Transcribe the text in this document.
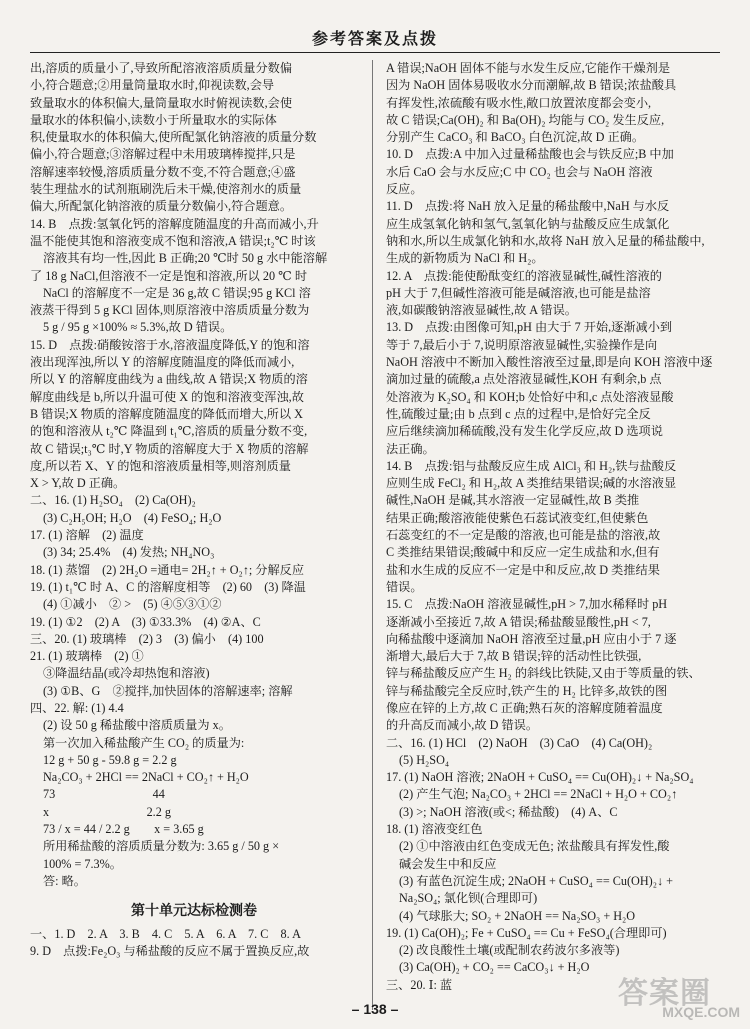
参考答案及点拨
出,溶质的质量小了,导致所配溶液溶质质量分数偏
小,符合题意;②用量筒量取水时,仰视读数,会导
致量取水的体积偏大,量筒量取水时俯视读数,会使
量取水的体积偏小,读数小于所量取水的实际体
积,使量取水的体积偏大,使所配氯化钠溶液的质量分数
偏小,符合题意;③溶解过程中未用玻璃棒搅拌,只是
溶解速率较慢,溶质质量分数不变,不符合题意;④盛
装生理盐水的试剂瓶刷洗后未干燥,使溶剂水的质量
偏大,所配氯化钠溶液的质量分数偏小,符合题意。
14. B　点拨:氢氧化钙的溶解度随温度的升高而减小,升
温不能使其饱和溶液变成不饱和溶液,A 错误;t₂℃ 时该
溶液其有均一性,因此 B 正确;20 ℃时 50 g 水中能溶解
了 18 g NaCl,但溶液不一定是饱和溶液,所以 20 ℃ 时
NaCl 的溶解度不一定是 36 g,故 C 错误;95 g KCl 溶
液蒸干得到 5 g KCl 固体,则原溶液中溶质质量分数为
5 g / 95 g ×100% ≈ 5.3%,故 D 错误。
15. D　点拨:硝酸铵溶于水,溶液温度降低,Y 的饱和溶
液出现浑浊,所以 Y 的溶解度随温度的降低而减小,
所以 Y 的溶解度曲线为 a 曲线,故 A 错误;X 物质的溶
解度曲线是 b,所以升温可使 X 的饱和溶液变浑浊,故
B 错误;X 物质的溶解度随温度的降低而增大,所以 X
的饱和溶液从 t₂℃ 降温到 t₁℃,溶质的质量分数不变,
故 C 错误;t₃℃ 时,Y 物质的溶解度大于 X 物质的溶解
度,所以若 X、Y 的饱和溶液质量相等,则溶剂质量
X > Y,故 D 正确。
二、16. (1) H₂SO₄　(2) Ca(OH)₂
(3) C₂H₅OH; H₂O　(4) FeSO₄; H₂O
17. (1) 溶解　(2) 温度
(3) 34; 25.4%　(4) 发热; NH₄NO₃
18. (1) 蒸馏　(2) 2H₂O =通电= 2H₂↑ + O₂↑; 分解反应
19. (1) t₁℃ 时 A、C 的溶解度相等　(2) 60　(3) 降温
(4) ①减小　② >　(5) ④⑤③①②
19. (1) ①2　(2) A　(3) ①33.3%　(4) ②A、C
三、20. (1) 玻璃棒　(2) 3　(3) 偏小　(4) 100
21. (1) 玻璃棒　(2) ①
③降温结晶(或冷却热饱和溶液)
(3) ①B、G　②搅拌,加快固体的溶解速率; 溶解
四、22. 解: (1) 4.4
(2) 设 50 g 稀盐酸中溶质质量为 x。
第一次加入稀盐酸产生 CO₂ 的质量为:
12 g + 50 g - 59.8 g = 2.2 g
Na₂CO₃ + 2HCl == 2NaCl + CO₂↑ + H₂O
73　　　　　　　　44
x　　　　　　　　2.2 g
73 / x = 44 / 2.2 g　　x = 3.65 g
所用稀盐酸的溶质质量分数为: 3.65 g / 50 g ×
100% = 7.3%。
答: 略。
第十单元达标检测卷
一、1. D　2. A　3. B　4. C　5. A　6. A　7. C　8. A
9. D　点拨:Fe₂O₃ 与稀盐酸的反应不属于置换反应,故
A 错误;NaOH 固体不能与水发生反应,它能作干燥剂是
因为 NaOH 固体易吸收水分而潮解,故 B 错误;浓盐酸具
有挥发性,浓硫酸有吸水性,敞口放置浓度都会变小,
故 C 错误;Ca(OH)₂ 和 Ba(OH)₂ 均能与 CO₂ 发生反应,
分别产生 CaCO₃ 和 BaCO₃ 白色沉淀,故 D 正确。
10. D　点拨:A 中加入过量稀盐酸也会与铁反应;B 中加
水后 CaO 会与水反应;C 中 CO₂ 也会与 NaOH 溶液
反应。
11. D　点拨:将 NaH 放入足量的稀盐酸中,NaH 与水反
应生成氢氧化钠和氢气,氢氧化钠与盐酸反应生成氯化
钠和水,所以生成氯化钠和水,故将 NaH 放入足量的稀盐酸中,
生成的新物质为 NaCl 和 H₂。
12. A　点拨:能使酚酞变红的溶液显碱性,碱性溶液的
pH 大于 7,但碱性溶液可能是碱溶液,也可能是盐溶
液,如碳酸钠溶液显碱性,故 A 错误。
13. D　点拨:由图像可知,pH 由大于 7 开始,逐渐减小到
等于 7,最后小于 7,说明原溶液显碱性,实验操作是向
NaOH 溶液中不断加入酸性溶液至过量,即是向 KOH 溶液中逐
滴加过量的硫酸,a 点处溶液显碱性,KOH 有剩余,b 点
处溶液为 K₂SO₄ 和 KOH;b 处恰好中和,c 点处溶液显酸
性,硫酸过量;由 b 点到 c 点的过程中,是恰好完全反
应后继续滴加稀硫酸,没有发生化学反应,故 D 选项说
法正确。
14. B　点拨:铝与盐酸反应生成 AlCl₃ 和 H₂,铁与盐酸反
应则生成 FeCl₂ 和 H₂,故 A 类推结果错误;碱的水溶液显
碱性,NaOH 是碱,其水溶液一定显碱性,故 B 类推
结果正确;酸溶液能使紫色石蕊试液变红,但使紫色
石蕊变红的不一定是酸的溶液,也可能是盐的溶液,故
C 类推结果错误;酸碱中和反应一定生成盐和水,但有
盐和水生成的反应不一定是中和反应,故 D 类推结果
错误。
15. C　点拨:NaOH 溶液显碱性,pH > 7,加水稀释时 pH
逐渐减小至接近 7,故 A 错误;稀盐酸显酸性,pH < 7,
向稀盐酸中逐滴加 NaOH 溶液至过量,pH 应由小于 7 逐
渐增大,最后大于 7,故 B 错误;锌的活动性比铁强,
锌与稀盐酸反应产生 H₂ 的斜线比铁陡,又由于等质量的铁、
锌与稀盐酸完全反应时,铁产生的 H₂ 比锌多,故铁的图
像应在锌的上方,故 C 正确;熟石灰的溶解度随着温度
的升高反而减小,故 D 错误。
二、16. (1) HCl　(2) NaOH　(3) CaO　(4) Ca(OH)₂
(5) H₂SO₄
17. (1) NaOH 溶液; 2NaOH + CuSO₄ == Cu(OH)₂↓ + Na₂SO₄
(2) 产生气泡; Na₂CO₃ + 2HCl == 2NaCl + H₂O + CO₂↑
(3) >; NaOH 溶液(或<; 稀盐酸)　(4) A、C
18. (1) 溶液变红色
(2) ①中溶液由红色变成无色; 浓盐酸具有挥发性,酸
碱会发生中和反应
(3) 有蓝色沉淀生成; 2NaOH + CuSO₄ == Cu(OH)₂↓ +
Na₂SO₄; 氯化钡(合理即可)
(4) 气球胀大; SO₂ + 2NaOH == Na₂SO₃ + H₂O
19. (1) Ca(OH)₂; Fe + CuSO₄ == Cu + FeSO₄(合理即可)
(2) 改良酸性土壤(或配制农药波尔多液等)
(3) Ca(OH)₂ + CO₂ == CaCO₃↓ + H₂O
三、20. Ⅰ: 蓝
– 138 –	答案圈
MXQE.COM
